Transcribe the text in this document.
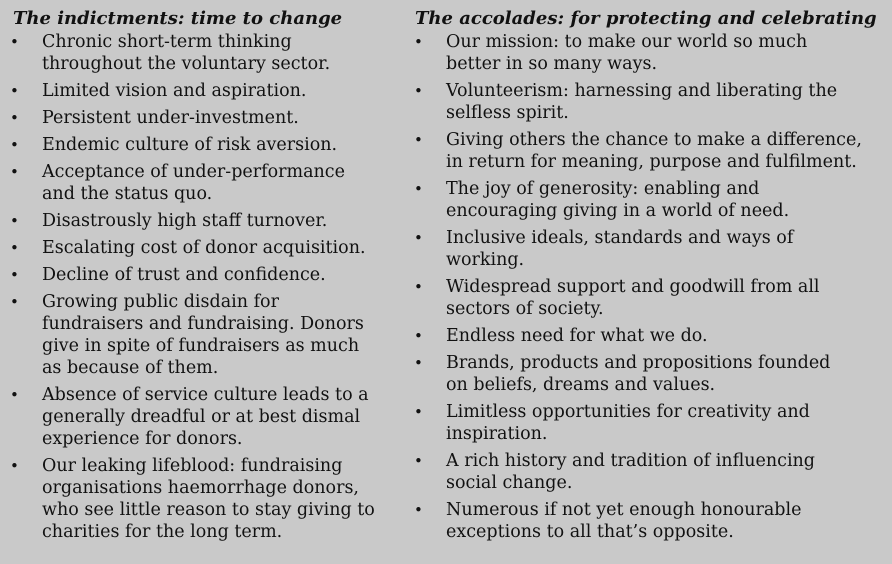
The indictments: time to change
• Chronic short-term thinking
throughout the voluntary sector.
• Limited vision and aspiration.
• Persistent under-investment.
• Endemic culture of risk aversion.
• Acceptance of under-performance
and the status quo.
• Disastrously high staff turnover.
• Escalating cost of donor acquisition.
• Decline of trust and confidence.
• Growing public disdain for
fundraisers and fundraising. Donors
give in spite of fundraisers as much
as because of them.
• Absence of service culture leads to a
generally dreadful or at best dismal
experience for donors.
• Our leaking lifeblood: fundraising
organisations haemorrhage donors,
who see little reason to stay giving to
charities for the long term.
The accolades: for protecting and celebrating
• Our mission: to make our world so much
better in so many ways.
• Volunteerism: harnessing and liberating the
selfless spirit.
• Giving others the chance to make a difference,
in return for meaning, purpose and fulfilment.
• The joy of generosity: enabling and
encouraging giving in a world of need.
• Inclusive ideals, standards and ways of
working.
• Widespread support and goodwill from all
sectors of society.
• Endless need for what we do.
• Brands, products and propositions founded
on beliefs, dreams and values.
• Limitless opportunities for creativity and
inspiration.
• A rich history and tradition of influencing
social change.
• Numerous if not yet enough honourable
exceptions to all that’s opposite.
